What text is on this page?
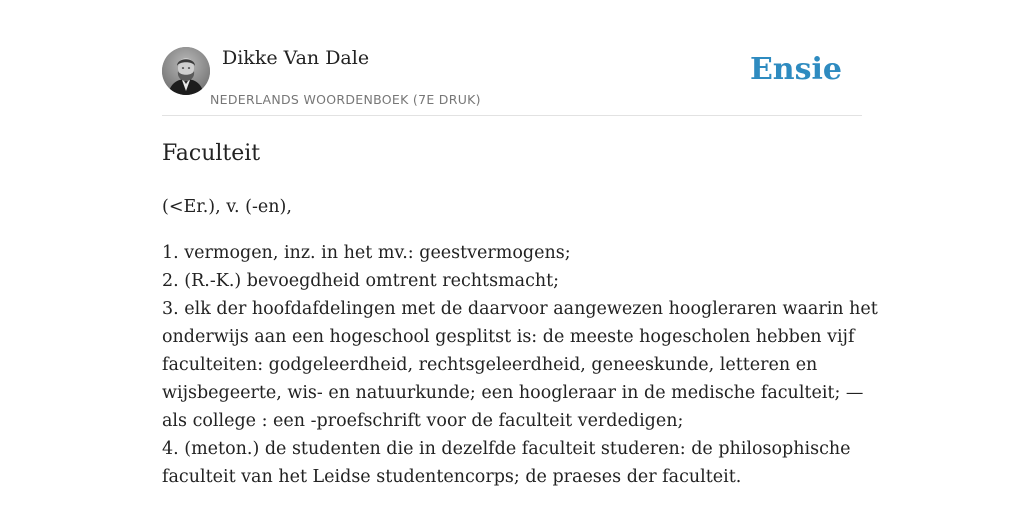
Dikke Van Dale
NEDERLANDS WOORDENBOEK (7E DRUK)
Ensie
Faculteit

(<Er.), v. (-en),

1. vermogen, inz. in het mv.: geestvermogens;
2. (R.-K.) bevoegdheid omtrent rechtsmacht;
3. elk der hoofdafdelingen met de daarvoor aangewezen hoogleraren waarin het
onderwijs aan een hogeschool gesplitst is: de meeste hogescholen hebben vijf
faculteiten: godgeleerdheid, rechtsgeleerdheid, geneeskunde, letteren en
wijsbegeerte, wis- en natuurkunde; een hoogleraar in de medische faculteit; —
als college : een -proefschrift voor de faculteit verdedigen;
4. (meton.) de studenten die in dezelfde faculteit studeren: de philosophische
faculteit van het Leidse studentencorps; de praeses der faculteit.
